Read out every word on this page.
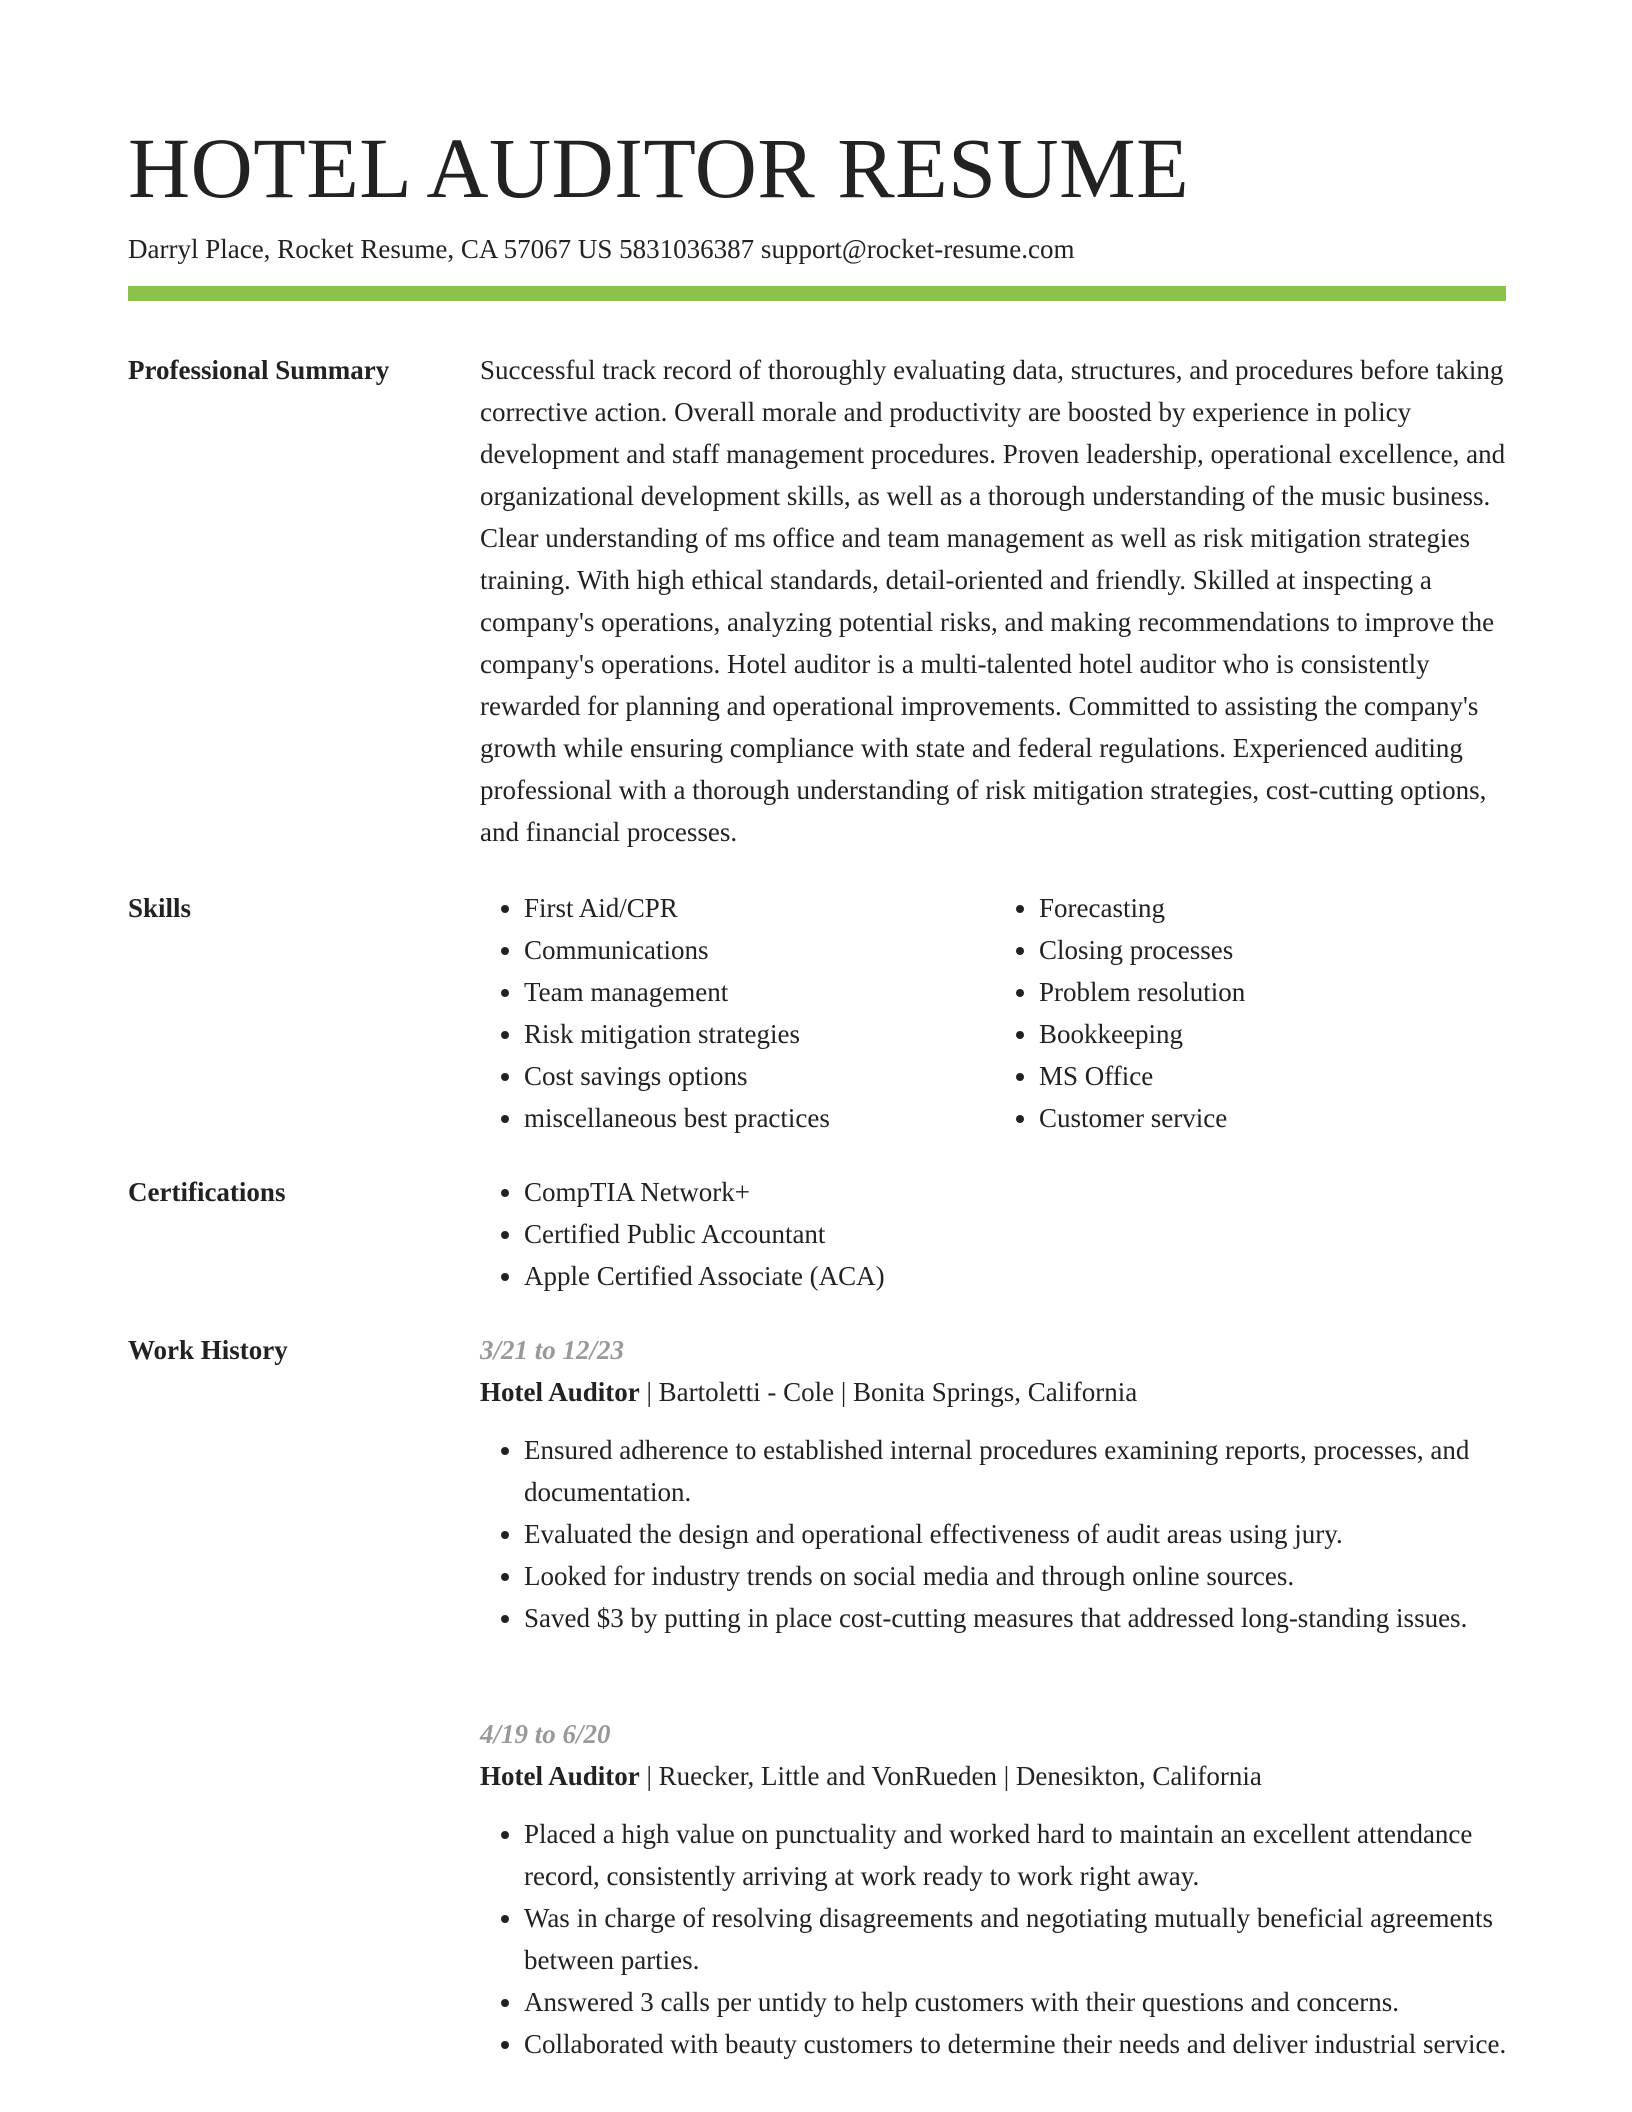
HOTEL AUDITOR RESUME
Darryl Place, Rocket Resume, CA 57067 US 5831036387 support@rocket-resume.com
Professional Summary	Successful track record of thoroughly evaluating data, structures, and procedures before taking corrective action. Overall morale and productivity are boosted by experience in policy development and staff management procedures. Proven leadership, operational excellence, and organizational development skills, as well as a thorough understanding of the music business. Clear understanding of ms office and team management as well as risk mitigation strategies training. With high ethical standards, detail-oriented and friendly. Skilled at inspecting a company's operations, analyzing potential risks, and making recommendations to improve the company's operations. Hotel auditor is a multi-talented hotel auditor who is consistently rewarded for planning and operational improvements. Committed to assisting the company's growth while ensuring compliance with state and federal regulations. Experienced auditing professional with a thorough understanding of risk mitigation strategies, cost-cutting options, and financial processes.

Skills	• First Aid/CPR
• Communications
• Team management
• Risk mitigation strategies
• Cost savings options
• miscellaneous best practices
• Forecasting
• Closing processes
• Problem resolution
• Bookkeeping
• MS Office
• Customer service
Certifications	• CompTIA Network+
• Certified Public Accountant
• Apple Certified Associate (ACA)
Work History	3/21 to 12/23
Hotel Auditor | Bartoletti - Cole | Bonita Springs, California
• Ensured adherence to established internal procedures examining reports, processes, and documentation.
• Evaluated the design and operational effectiveness of audit areas using jury.
• Looked for industry trends on social media and through online sources.
• Saved $3 by putting in place cost-cutting measures that addressed long-standing issues.
4/19 to 6/20
Hotel Auditor | Ruecker, Little and VonRueden | Denesikton, California
• Placed a high value on punctuality and worked hard to maintain an excellent attendance record, consistently arriving at work ready to work right away.
• Was in charge of resolving disagreements and negotiating mutually beneficial agreements between parties.
• Answered 3 calls per untidy to help customers with their questions and concerns.
• Collaborated with beauty customers to determine their needs and deliver industrial service.
